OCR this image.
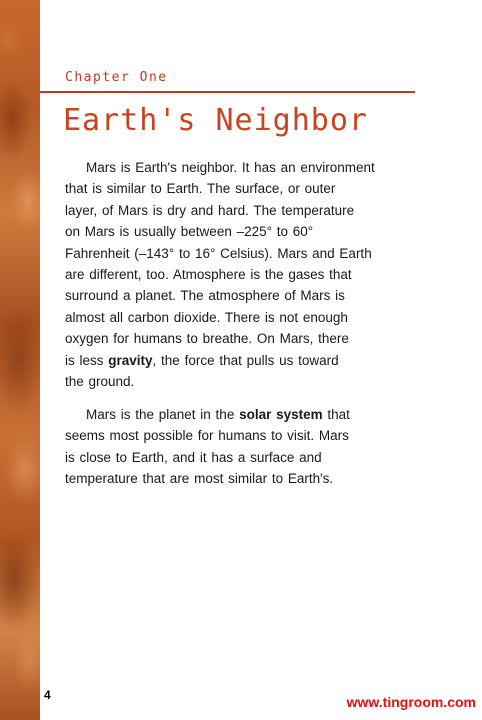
Chapter One
Earth's Neighbor
Mars is Earth's neighbor. It has an environment
that is similar to Earth. The surface, or outer
layer, of Mars is dry and hard. The temperature
on Mars is usually between –225° to 60°
Fahrenheit (–143° to 16° Celsius). Mars and Earth
are different, too. Atmosphere is the gases that
surround a planet. The atmosphere of Mars is
almost all carbon dioxide. There is not enough
oxygen for humans to breathe. On Mars, there
is less gravity, the force that pulls us toward
the ground.
Mars is the planet in the solar system that
seems most possible for humans to visit. Mars
is close to Earth, and it has a surface and
temperature that are most similar to Earth's.
4	www.tingroom.com
